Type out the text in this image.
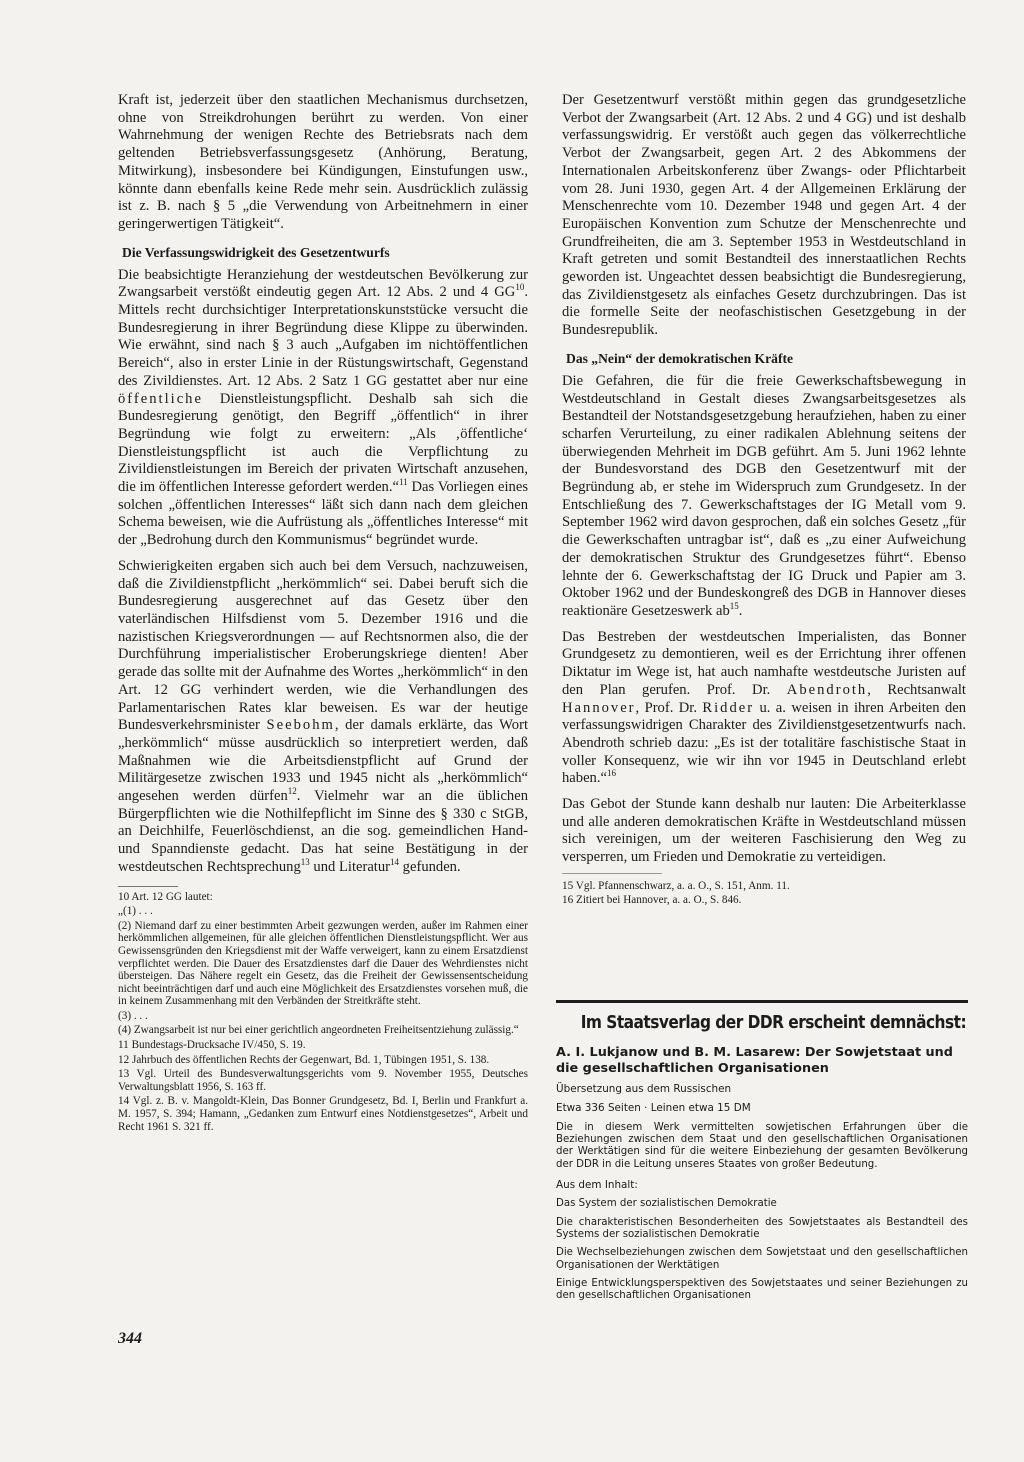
Kraft ist, jederzeit über den staatlichen Mechanismus durchsetzen, ohne von Streikdrohungen berührt zu werden. Von einer Wahrnehmung der wenigen Rechte des Betriebsrats nach dem geltenden Betriebsverfassungsgesetz (Anhörung, Beratung, Mitwirkung), insbesondere bei Kündigungen, Einstufungen usw., könnte dann ebenfalls keine Rede mehr sein. Ausdrücklich zulässig ist z. B. nach § 5 „die Verwendung von Arbeitnehmern in einer geringerwertigen Tätigkeit“.

Die Verfassungswidrigkeit des Gesetzentwurfs

Die beabsichtigte Heranziehung der westdeutschen Bevölkerung zur Zwangsarbeit verstößt eindeutig gegen Art. 12 Abs. 2 und 4 GG$^{10}$. Mittels recht durchsichtiger Interpretationskunststücke versucht die Bundesregierung in ihrer Begründung diese Klippe zu überwinden. Wie erwähnt, sind nach § 3 auch „Aufgaben im nichtöffentlichen Bereich“, also in erster Linie in der Rüstungswirtschaft, Gegenstand des Zivildienstes. Art. 12 Abs. 2 Satz 1 GG gestattet aber nur eine öffentliche Dienstleistungspflicht. Deshalb sah sich die Bundesregierung genötigt, den Begriff „öffentlich“ in ihrer Begründung wie folgt zu erweitern: „Als ‚öffentliche‘ Dienstleistungspflicht ist auch die Verpflichtung zu Zivildienstleistungen im Bereich der privaten Wirtschaft anzusehen, die im öffentlichen Interesse gefordert werden.“$^{11}$ Das Vorliegen eines solchen „öffentlichen Interesses“ läßt sich dann nach dem gleichen Schema beweisen, wie die Aufrüstung als „öffentliches Interesse“ mit der „Bedrohung durch den Kommunismus“ begründet wurde.

Schwierigkeiten ergaben sich auch bei dem Versuch, nachzuweisen, daß die Zivildienstpflicht „herkömmlich“ sei. Dabei beruft sich die Bundesregierung ausgerechnet auf das Gesetz über den vaterländischen Hilfsdienst vom 5. Dezember 1916 und die nazistischen Kriegsverordnungen — auf Rechtsnormen also, die der Durchführung imperialistischer Eroberungskriege dienten! Aber gerade das sollte mit der Aufnahme des Wortes „herkömmlich“ in den Art. 12 GG verhindert werden, wie die Verhandlungen des Parlamentarischen Rates klar beweisen. Es war der heutige Bundesverkehrsminister Seebohm, der damals erklärte, das Wort „herkömmlich“ müsse ausdrücklich so interpretiert werden, daß Maßnahmen wie die Arbeitsdienstpflicht auf Grund der Militärgesetze zwischen 1933 und 1945 nicht als „herkömmlich“ angesehen werden dürfen$^{12}$. Vielmehr war an die üblichen Bürgerpflichten wie die Nothilfepflicht im Sinne des § 330 c StGB, an Deichhilfe, Feuerlöschdienst, an die sog. gemeindlichen Hand- und Spanndienste gedacht. Das hat seine Bestätigung in der westdeutschen Rechtsprechung$^{13}$ und Literatur$^{14}$ gefunden.

10 Art. 12 GG lautet:

„(1) . . .

(2) Niemand darf zu einer bestimmten Arbeit gezwungen werden, außer im Rahmen einer herkömmlichen allgemeinen, für alle gleichen öffentlichen Dienstleistungspflicht. Wer aus Gewissensgründen den Kriegsdienst mit der Waffe verweigert, kann zu einem Ersatzdienst verpflichtet werden. Die Dauer des Ersatzdienstes darf die Dauer des Wehrdienstes nicht übersteigen. Das Nähere regelt ein Gesetz, das die Freiheit der Gewissensentscheidung nicht beeinträchtigen darf und auch eine Möglichkeit des Ersatzdienstes vorsehen muß, die in keinem Zusammenhang mit den Verbänden der Streitkräfte steht.

(3) . . .

(4) Zwangsarbeit ist nur bei einer gerichtlich angeordneten Freiheitsentziehung zulässig.“

11 Bundestags-Drucksache IV/450, S. 19.

12 Jahrbuch des öffentlichen Rechts der Gegenwart, Bd. 1, Tübingen 1951, S. 138.

13 Vgl. Urteil des Bundesverwaltungsgerichts vom 9. November 1955, Deutsches Verwaltungsblatt 1956, S. 163 ff.

14 Vgl. z. B. v. Mangoldt-Klein, Das Bonner Grundgesetz, Bd. I, Berlin und Frankfurt a. M. 1957, S. 394; Hamann, „Gedanken zum Entwurf eines Notdienstgesetzes“, Arbeit und Recht 1961 S. 321 ff.

344

Der Gesetzentwurf verstößt mithin gegen das grundgesetzliche Verbot der Zwangsarbeit (Art. 12 Abs. 2 und 4 GG) und ist deshalb verfassungswidrig. Er verstößt auch gegen das völkerrechtliche Verbot der Zwangsarbeit, gegen Art. 2 des Abkommens der Internationalen Arbeitskonferenz über Zwangs- oder Pflichtarbeit vom 28. Juni 1930, gegen Art. 4 der Allgemeinen Erklärung der Menschenrechte vom 10. Dezember 1948 und gegen Art. 4 der Europäischen Konvention zum Schutze der Menschenrechte und Grundfreiheiten, die am 3. September 1953 in Westdeutschland in Kraft getreten und somit Bestandteil des innerstaatlichen Rechts geworden ist. Ungeachtet dessen beabsichtigt die Bundesregierung, das Zivildienstgesetz als einfaches Gesetz durchzubringen. Das ist die formelle Seite der neofaschistischen Gesetzgebung in der Bundesrepublik.

Das „Nein“ der demokratischen Kräfte

Die Gefahren, die für die freie Gewerkschaftsbewegung in Westdeutschland in Gestalt dieses Zwangsarbeitsgesetzes als Bestandteil der Notstandsgesetzgebung heraufziehen, haben zu einer scharfen Verurteilung, zu einer radikalen Ablehnung seitens der überwiegenden Mehrheit im DGB geführt. Am 5. Juni 1962 lehnte der Bundesvorstand des DGB den Gesetzentwurf mit der Begründung ab, er stehe im Widerspruch zum Grundgesetz. In der Entschließung des 7. Gewerkschaftstages der IG Metall vom 9. September 1962 wird davon gesprochen, daß ein solches Gesetz „für die Gewerkschaften untragbar ist“, daß es „zu einer Aufweichung der demokratischen Struktur des Grundgesetzes führt“. Ebenso lehnte der 6. Gewerkschaftstag der IG Druck und Papier am 3. Oktober 1962 und der Bundeskongreß des DGB in Hannover dieses reaktionäre Gesetzeswerk $ab^{15}$.

Das Bestreben der westdeutschen Imperialisten, das Bonner Grundgesetz zu demontieren, weil es der Errichtung ihrer offenen Diktatur im Wege ist, hat auch namhafte westdeutsche Juristen auf den Plan gerufen. Prof. Dr. Abendroth, Rechtsanwalt Hannover, Prof. Dr. Ridder u. a. weisen in ihren Arbeiten den verfassungswidrigen Charakter des Zivildienstgesetzentwurfs nach. Abendroth schrieb dazu: „Es ist der totalitäre faschistische Staat in voller Konsequenz, wie wir ihn vor 1945 in Deutschland erlebt haben.“$^{16}$

Das Gebot der Stunde kann deshalb nur lauten: Die Arbeiterklasse und alle anderen demokratischen Kräfte in Westdeutschland müssen sich vereinigen, um der weiteren Faschisierung den Weg zu versperren, um Frieden und Demokratie zu verteidigen.

15 Vgl. Pfannenschwarz, a. a. O., S. 151, Anm. 11.

16 Zitiert bei Hannover, a. a. O., S. 846.

Im Staatsverlag der DDR erscheint demnächst:
A. I. Lukjanow und B. M. Lasarew: Der Sowjetstaat und die gesellschaftlichen Organisationen
Übersetzung aus dem Russischen
Etwa 336 Seiten · Leinen etwa 15 DM
Die in diesem Werk vermittelten sowjetischen Erfahrungen über die Beziehungen zwischen dem Staat und den gesellschaftlichen Organisationen der Werktätigen sind für die weitere Einbeziehung der gesamten Bevölkerung der DDR in die Leitung unseres Staates von großer Bedeutung.
Aus dem Inhalt:
Das System der sozialistischen Demokratie
Die charakteristischen Besonderheiten des Sowjetstaates als Bestandteil des Systems der sozialistischen Demokratie
Die Wechselbeziehungen zwischen dem Sowjetstaat und den gesellschaftlichen Organisationen der Werktätigen
Einige Entwicklungsperspektiven des Sowjetstaates und seiner Beziehungen zu den gesellschaftlichen Organisationen
